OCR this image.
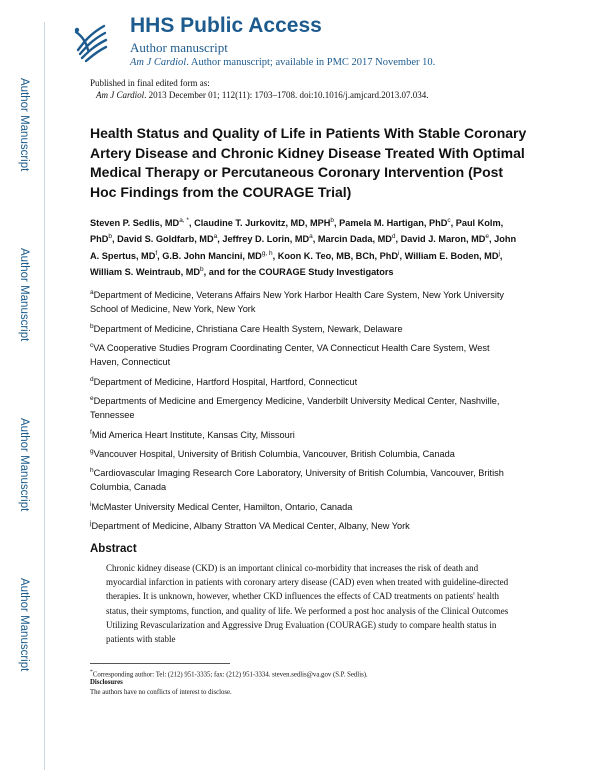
Author Manuscript
Author Manuscript
Author Manuscript
Author Manuscript
HHS Public Access
Author manuscript
Am J Cardiol. Author manuscript; available in PMC 2017 November 10.
Published in final edited form as:
Am J Cardiol. 2013 December 01; 112(11): 1703–1708. doi:10.1016/j.amjcard.2013.07.034.
Health Status and Quality of Life in Patients With Stable Coronary Artery Disease and Chronic Kidney Disease Treated With Optimal Medical Therapy or Percutaneous Coronary Intervention (Post Hoc Findings from the COURAGE Trial)
Steven P. Sedlis, $MD^{a, *}$, Claudine T. Jurkovitz, MD, MPH$^b$, Pamela M. Hartigan, PhD$^c$, Paul Kolm, PhD$^b$, David S. Goldfarb, $MD^a$, Jeffrey D. Lorin, $MD^a$, Marcin Dada, $MD^d$, David J. Maron, MDe, John A. Spertus, $MD^f$, G.B. John Mancini, MD$^{g, h}$, Koon K. Teo, MB, BCh, PhD$^i$, William E. Boden, $MD^j$, William S. Weintraub, $MD^b$, and for the COURAGE Study Investigators
$^a$Department of Medicine, Veterans Affairs New York Harbor Health Care System, New York University School of Medicine, New York, New York
$^b$Department of Medicine, Christiana Care Health System, Newark, Delaware
$^c$VA Cooperative Studies Program Coordinating Center, VA Connecticut Health Care System, West Haven, Connecticut
$^d$Department of Medicine, Hartford Hospital, Hartford, Connecticut
$^e$Departments of Medicine and Emergency Medicine, Vanderbilt University Medical Center, Nashville, Tennessee
$^f$Mid America Heart Institute, Kansas City, Missouri
$^g$Vancouver Hospital, University of British Columbia, Vancouver, British Columbia, Canada
$^h$Cardiovascular Imaging Research Core Laboratory, University of British Columbia, Vancouver, British Columbia, Canada
$^i$McMaster University Medical Center, Hamilton, Ontario, Canada
$^j$Department of Medicine, Albany Stratton VA Medical Center, Albany, New York
Abstract
Chronic kidney disease (CKD) is an important clinical co-morbidity that increases the risk of death and myocardial infarction in patients with coronary artery disease (CAD) even when treated with guideline-directed therapies. It is unknown, however, whether CKD influences the effects of CAD treatments on patients' health status, their symptoms, function, and quality of life. We performed a post hoc analysis of the Clinical Outcomes Utilizing Revascularization and Aggressive Drug Evaluation (COURAGE) study to compare health status in patients with stable
*Corresponding author: Tel: (212) 951-3335; fax: (212) 951-3334. steven.sedlis@va.gov (S.P. Sedlis).
Disclosures
The authors have no conflicts of interest to disclose.
